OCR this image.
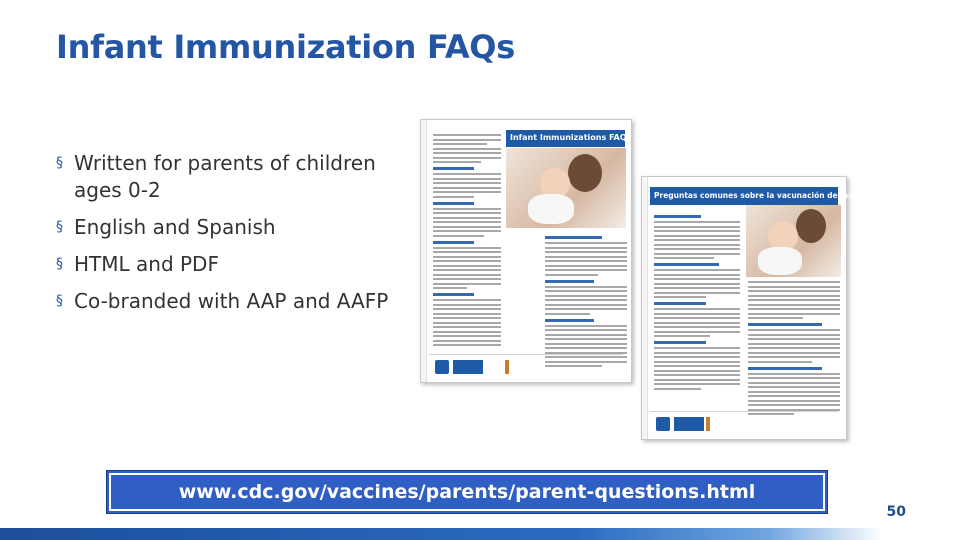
Infant Immunization FAQs
§ Written for parents of children ages 0-2
§ English and Spanish
§ HTML and PDF
§ Co-branded with AAP and AAFP
Infant Immunizations FAQs
Preguntas comunes sobre la vacunación de los bebés
www.cdc.gov/vaccines/parents/parent-questions.html
50
